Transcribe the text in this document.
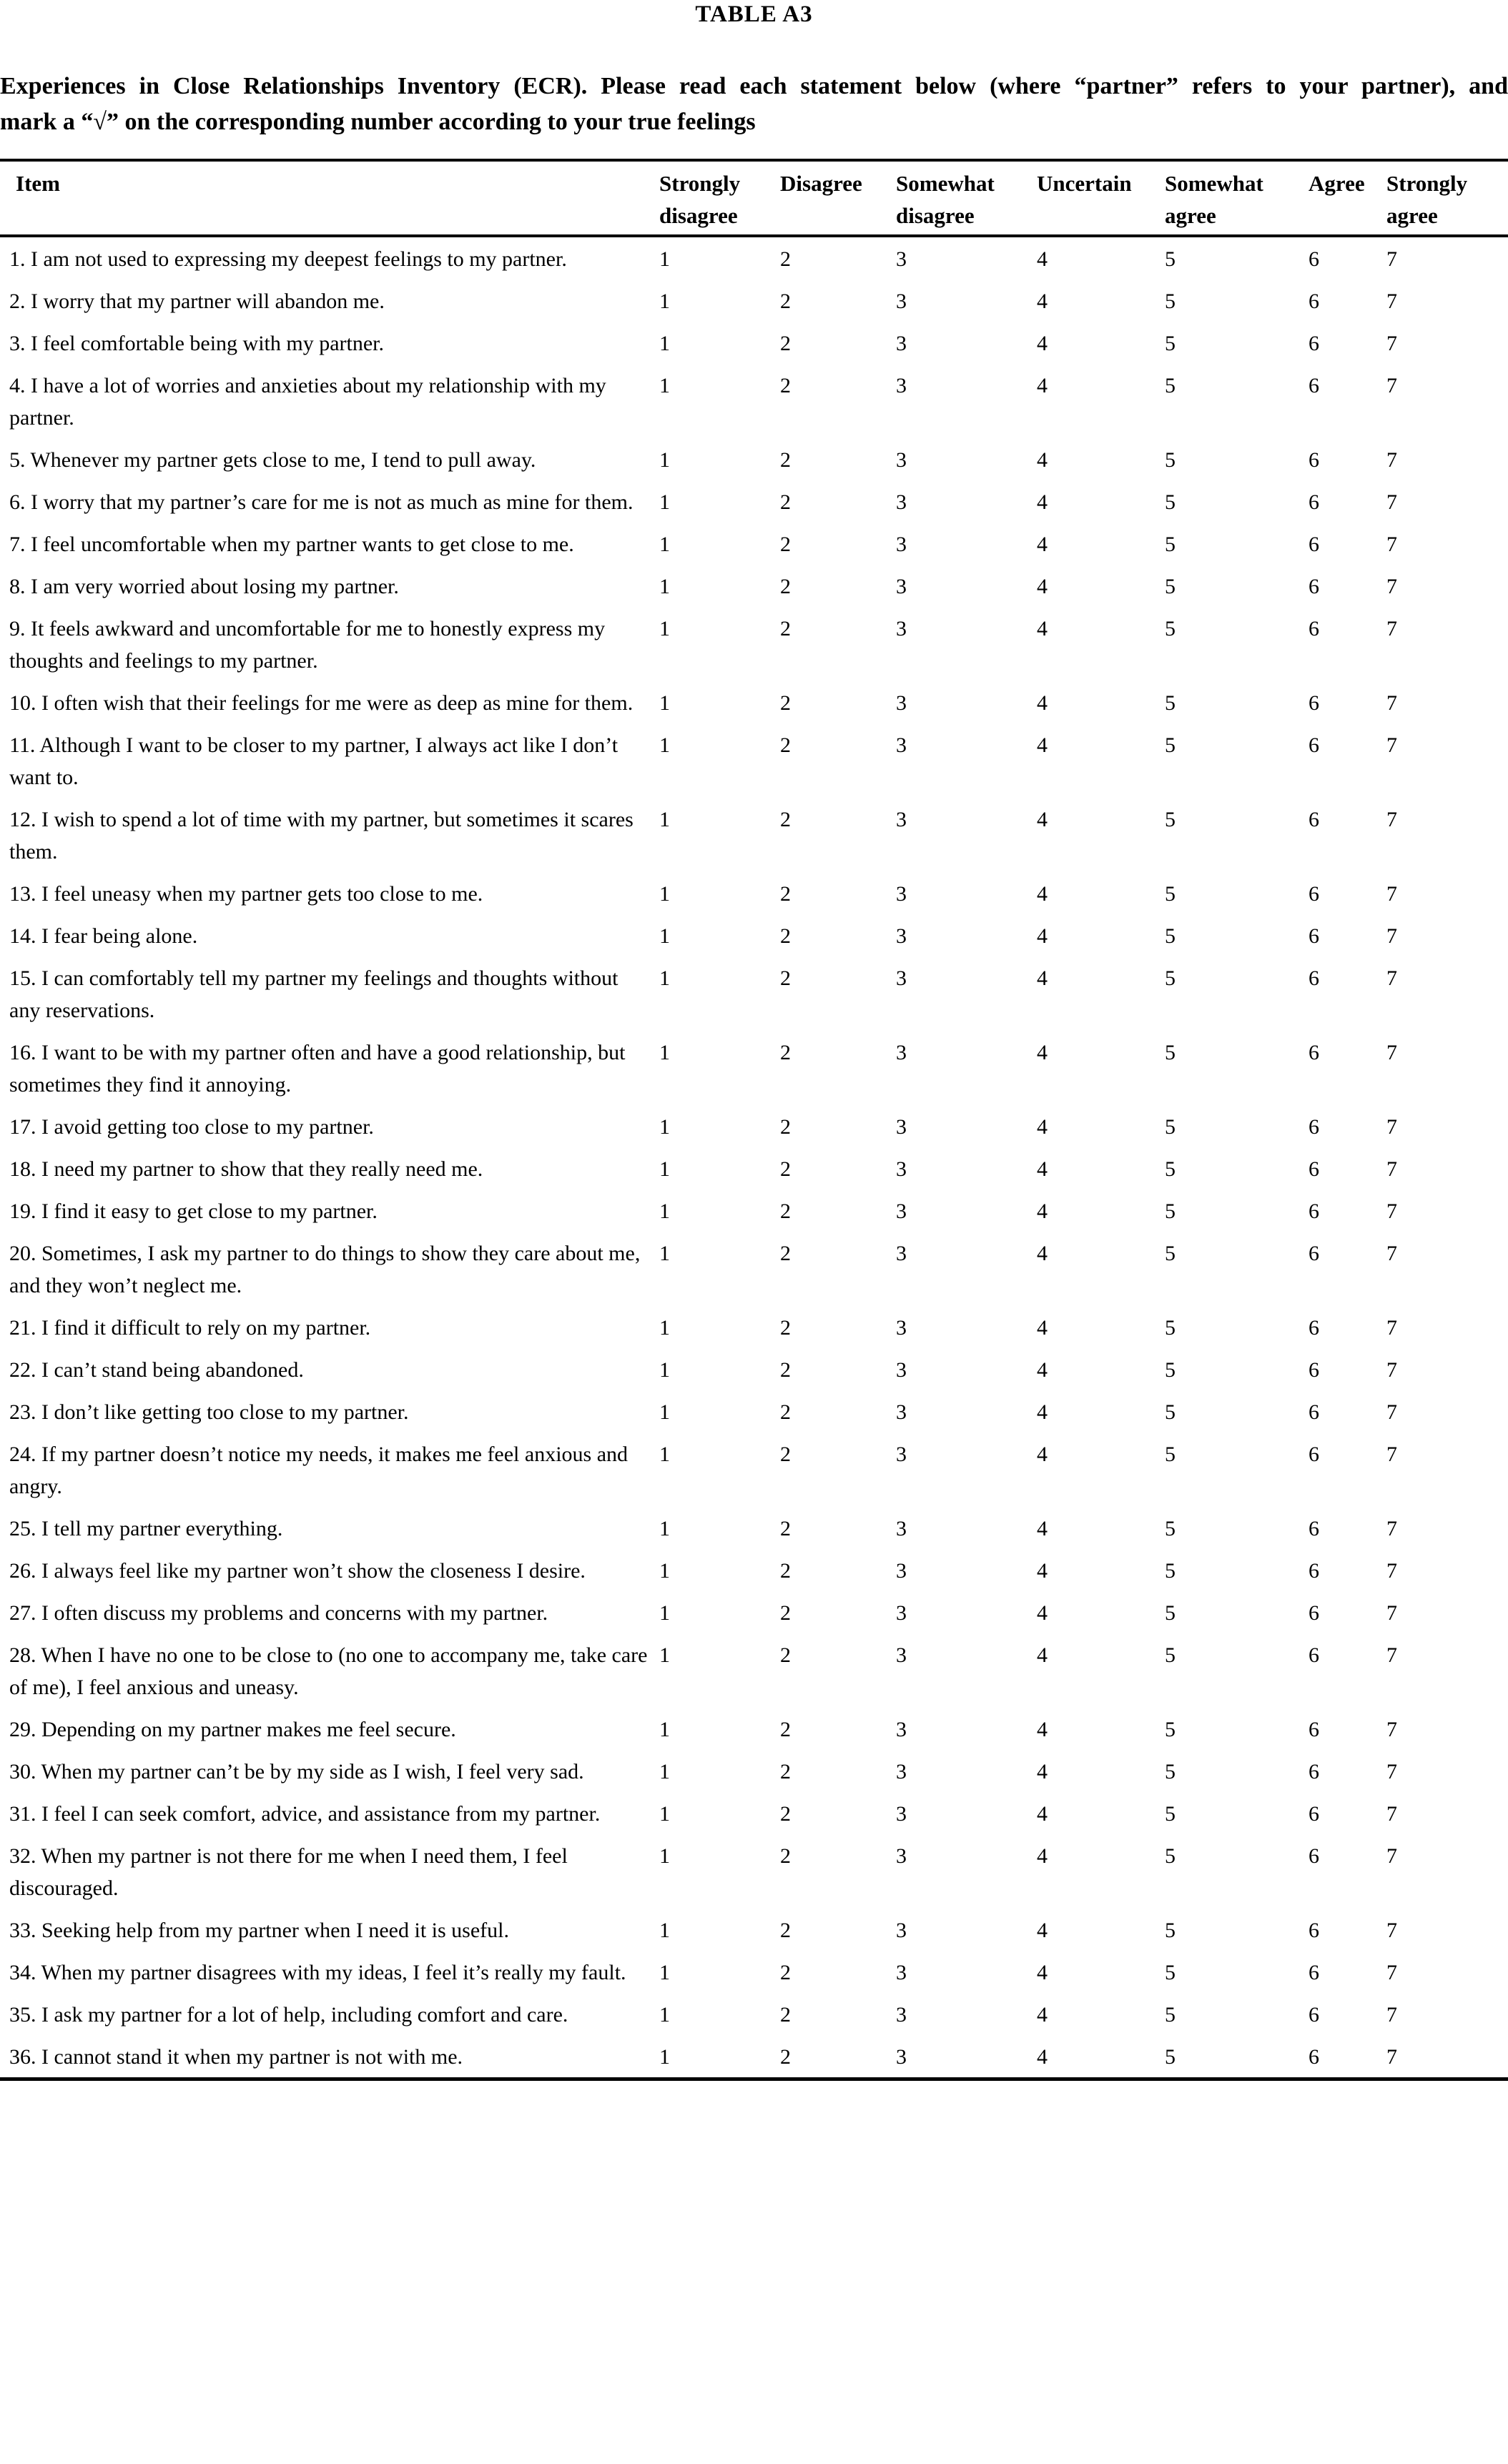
TABLE A3
Experiences in Close Relationships Inventory (ECR). Please read each statement below (where “partner” refers to your partner), and
mark a “√” on the corresponding number according to your true feelings
Item	Strongly disagree	Disagree	Somewhat disagree	Uncertain	Somewhat agree	Agree	Strongly agree
1. I am not used to expressing my deepest feelings to my partner.	1	2	3	4	5	6	7
2. I worry that my partner will abandon me.	1	2	3	4	5	6	7
3. I feel comfortable being with my partner.	1	2	3	4	5	6	7
4. I have a lot of worries and anxieties about my relationship with my partner.	1	2	3	4	5	6	7
5. Whenever my partner gets close to me, I tend to pull away.	1	2	3	4	5	6	7
6. I worry that my partner’s care for me is not as much as mine for them.	1	2	3	4	5	6	7
7. I feel uncomfortable when my partner wants to get close to me.	1	2	3	4	5	6	7
8. I am very worried about losing my partner.	1	2	3	4	5	6	7
9. It feels awkward and uncomfortable for me to honestly express my thoughts and feelings to my partner.	1	2	3	4	5	6	7
10. I often wish that their feelings for me were as deep as mine for them.	1	2	3	4	5	6	7
11. Although I want to be closer to my partner, I always act like I don’t want to.	1	2	3	4	5	6	7
12. I wish to spend a lot of time with my partner, but sometimes it scares them.	1	2	3	4	5	6	7
13. I feel uneasy when my partner gets too close to me.	1	2	3	4	5	6	7
14. I fear being alone.	1	2	3	4	5	6	7
15. I can comfortably tell my partner my feelings and thoughts without any reservations.	1	2	3	4	5	6	7
16. I want to be with my partner often and have a good relationship, but sometimes they find it annoying.	1	2	3	4	5	6	7
17. I avoid getting too close to my partner.	1	2	3	4	5	6	7
18. I need my partner to show that they really need me.	1	2	3	4	5	6	7
19. I find it easy to get close to my partner.	1	2	3	4	5	6	7
20. Sometimes, I ask my partner to do things to show they care about me, and they won’t neglect me.	1	2	3	4	5	6	7
21. I find it difficult to rely on my partner.	1	2	3	4	5	6	7
22. I can’t stand being abandoned.	1	2	3	4	5	6	7
23. I don’t like getting too close to my partner.	1	2	3	4	5	6	7
24. If my partner doesn’t notice my needs, it makes me feel anxious and angry.	1	2	3	4	5	6	7
25. I tell my partner everything.	1	2	3	4	5	6	7
26. I always feel like my partner won’t show the closeness I desire.	1	2	3	4	5	6	7
27. I often discuss my problems and concerns with my partner.	1	2	3	4	5	6	7
28. When I have no one to be close to (no one to accompany me, take care of me), I feel anxious and uneasy.	1	2	3	4	5	6	7
29. Depending on my partner makes me feel secure.	1	2	3	4	5	6	7
30. When my partner can’t be by my side as I wish, I feel very sad.	1	2	3	4	5	6	7
31. I feel I can seek comfort, advice, and assistance from my partner.	1	2	3	4	5	6	7
32. When my partner is not there for me when I need them, I feel discouraged.	1	2	3	4	5	6	7
33. Seeking help from my partner when I need it is useful.	1	2	3	4	5	6	7
34. When my partner disagrees with my ideas, I feel it’s really my fault.	1	2	3	4	5	6	7
35. I ask my partner for a lot of help, including comfort and care.	1	2	3	4	5	6	7
36. I cannot stand it when my partner is not with me.	1	2	3	4	5	6	7
